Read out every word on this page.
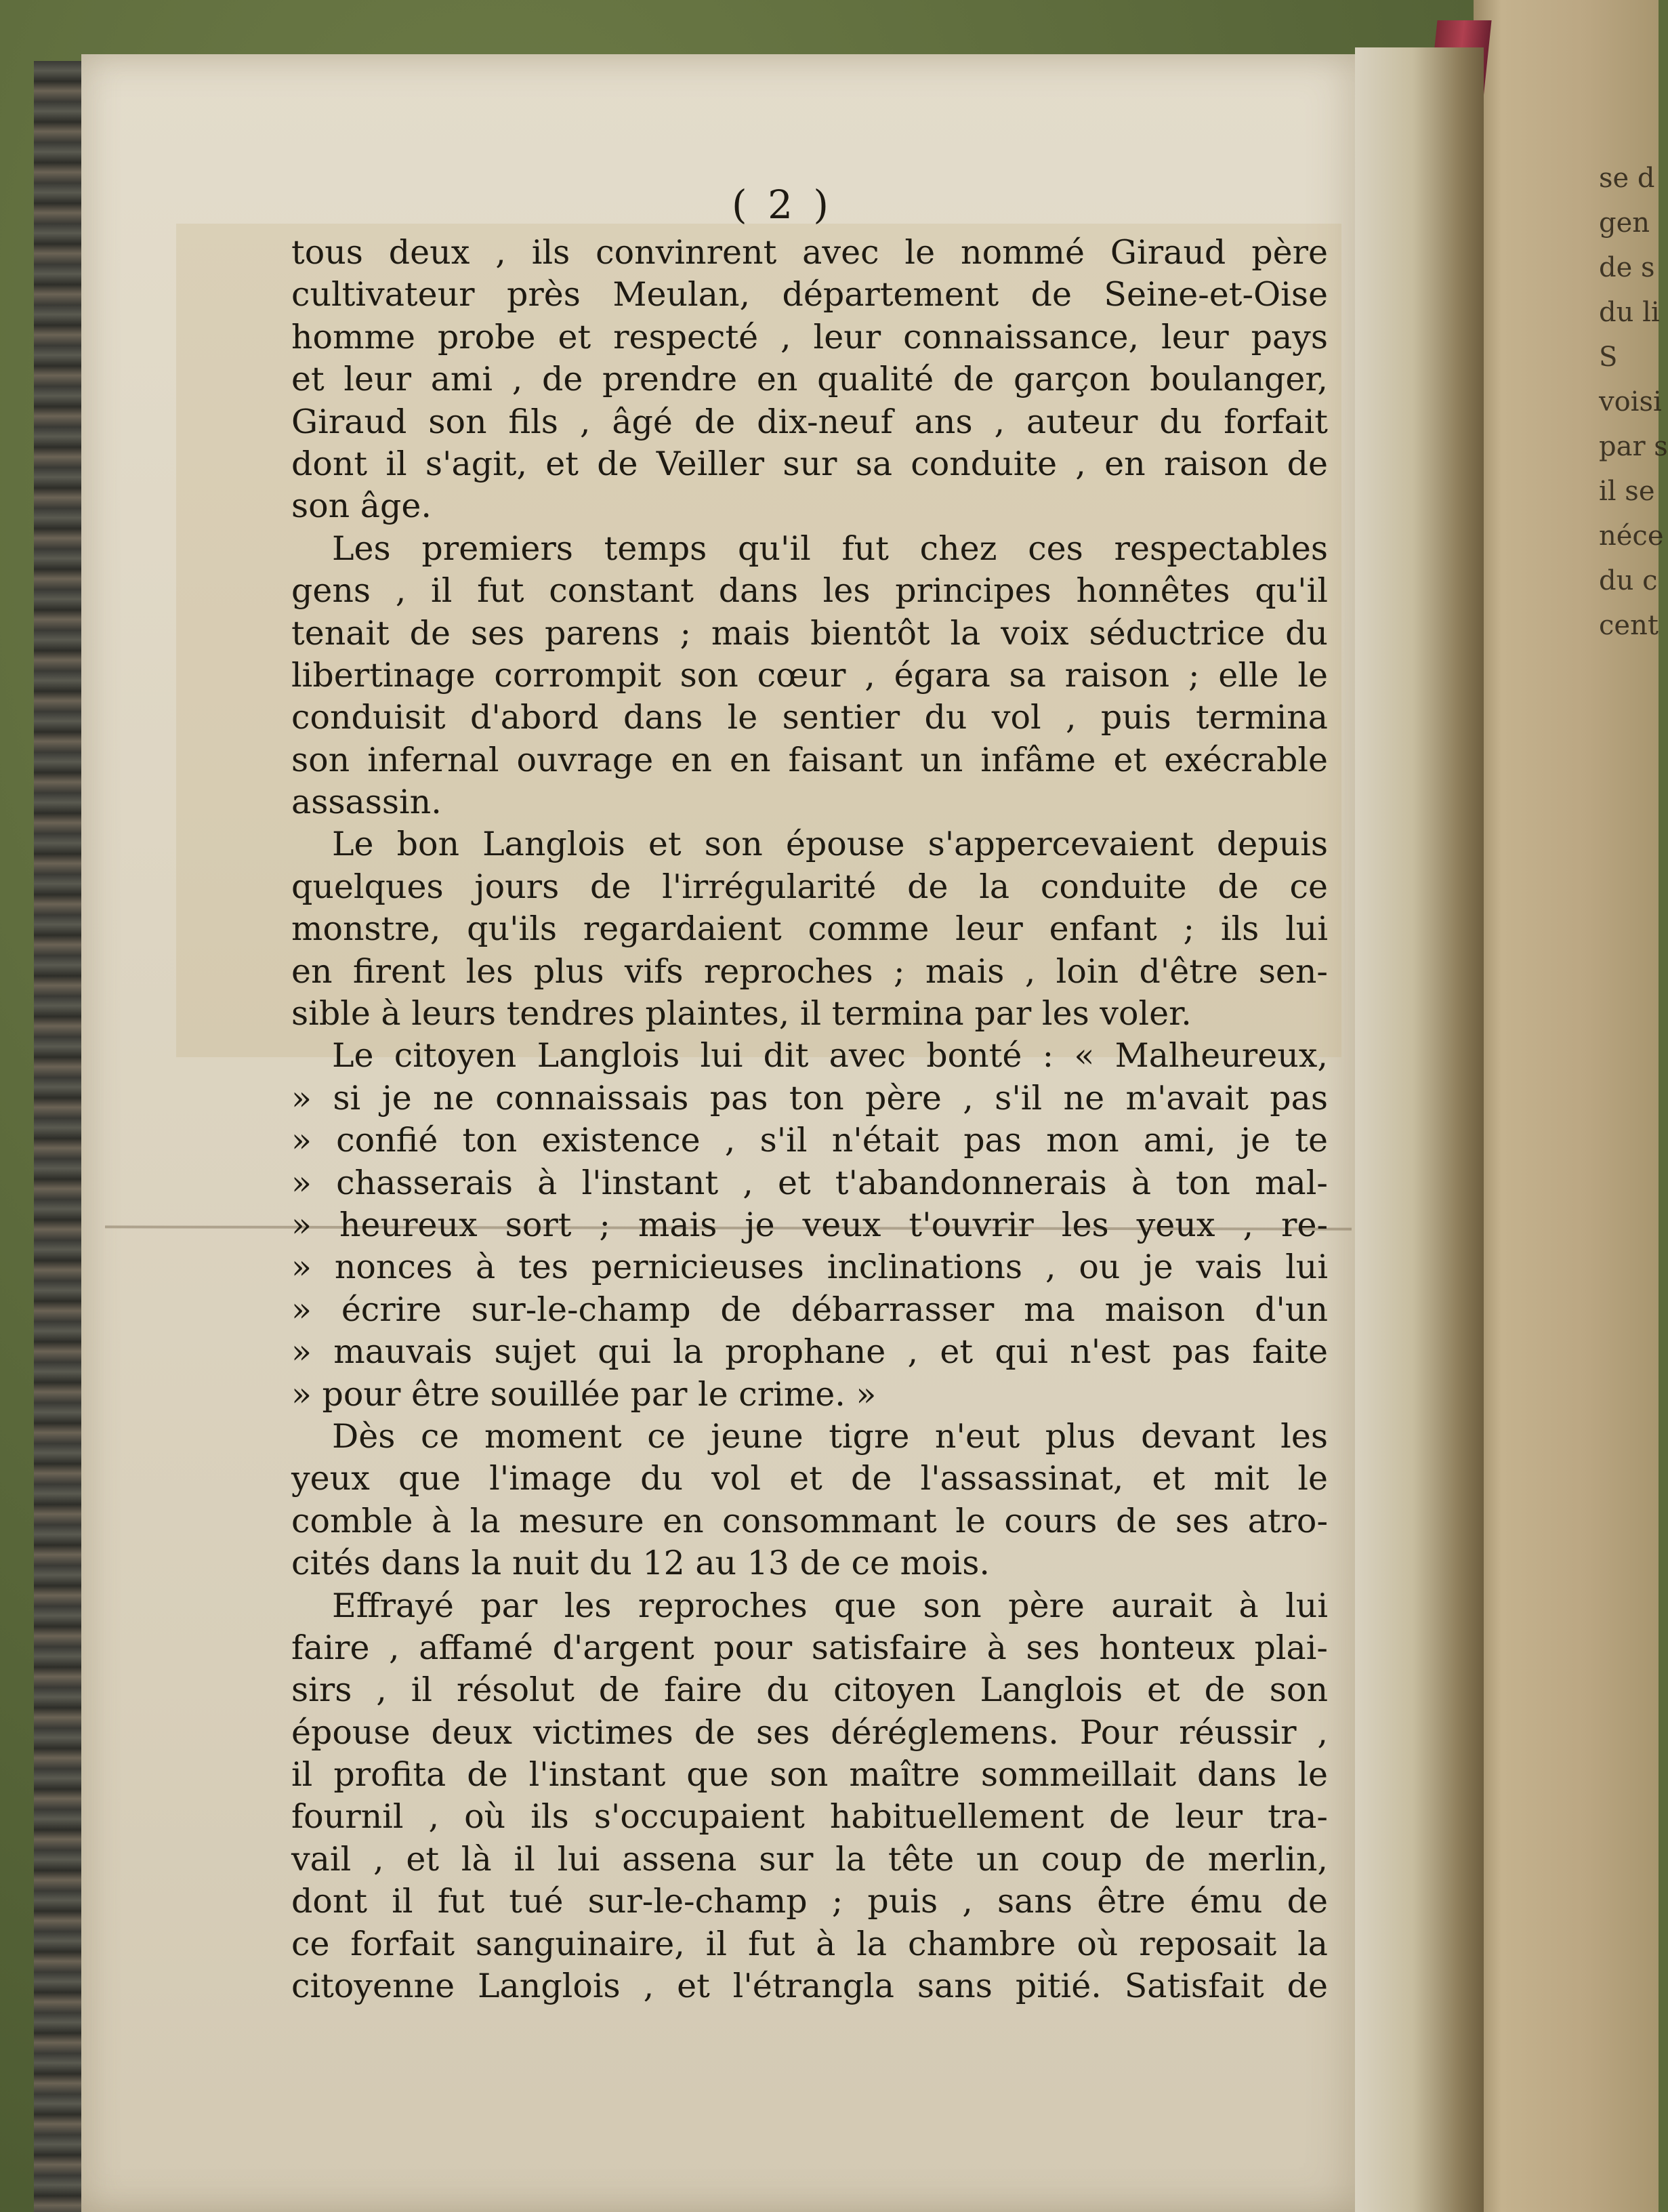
se d
gen
de s
du li
S
voisi
par s
il se
néce
du c
cent
( 2 )
tous deux , ils convinrent avec le nommé Giraud père
cultivateur près Meulan, département de Seine-et-Oise
homme probe et respecté , leur connaissance, leur pays
et leur ami , de prendre en qualité de garçon boulanger,
Giraud son fils , âgé de dix-neuf ans , auteur du forfait
dont il s'agit, et de Veiller sur sa conduite , en raison de
son âge.
Les premiers temps qu'il fut chez ces respectables
gens , il fut constant dans les principes honnêtes qu'il
tenait de ses parens ; mais bientôt la voix séductrice du
libertinage corrompit son cœur , égara sa raison ; elle le
conduisit d'abord dans le sentier du vol , puis termina
son infernal ouvrage en en faisant un infâme et exécrable
assassin.
Le bon Langlois et son épouse s'appercevaient depuis
quelques jours de l'irrégularité de la conduite de ce
monstre, qu'ils regardaient comme leur enfant ; ils lui
en firent les plus vifs reproches ; mais , loin d'être sen-
sible à leurs tendres plaintes, il termina par les voler.
Le citoyen Langlois lui dit avec bonté : « Malheureux,
» si je ne connaissais pas ton père , s'il ne m'avait pas
» confié ton existence , s'il n'était pas mon ami, je te
» chasserais à l'instant , et t'abandonnerais à ton mal-
» heureux sort ; mais je veux t'ouvrir les yeux , re-
» nonces à tes pernicieuses inclinations , ou je vais lui
» écrire sur-le-champ de débarrasser ma maison d'un
» mauvais sujet qui la prophane , et qui n'est pas faite
» pour être souillée par le crime. »
Dès ce moment ce jeune tigre n'eut plus devant les
yeux que l'image du vol et de l'assassinat, et mit le
comble à la mesure en consommant le cours de ses atro-
cités dans la nuit du 12 au 13 de ce mois.
Effrayé par les reproches que son père aurait à lui
faire , affamé d'argent pour satisfaire à ses honteux plai-
sirs , il résolut de faire du citoyen Langlois et de son
épouse deux victimes de ses déréglemens. Pour réussir ,
il profita de l'instant que son maître sommeillait dans le
fournil , où ils s'occupaient habituellement de leur tra-
vail , et là il lui assena sur la tête un coup de merlin,
dont il fut tué sur-le-champ ; puis , sans être ému de
ce forfait sanguinaire, il fut à la chambre où reposait la
citoyenne Langlois , et l'étrangla sans pitié. Satisfait de
